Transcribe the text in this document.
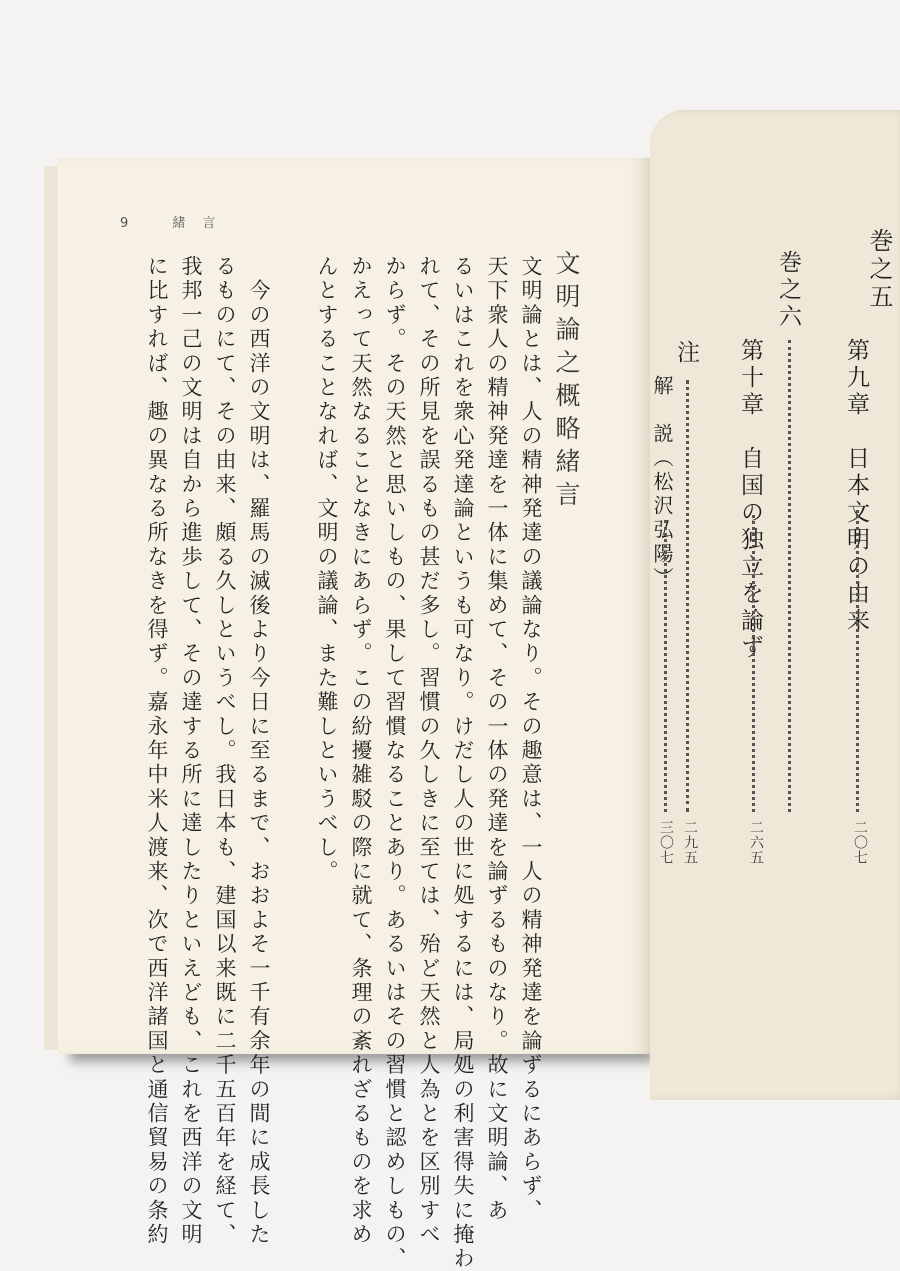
9	緒　言
文明論之概略緒言
文明論とは、人の精神発達の議論なり。その趣意は、一人の精神発達を論ずるにあらず、
天下衆人の精神発達を一体に集めて、その一体の発達を論ずるものなり。故に文明論、あ
るいはこれを衆心発達論というも可なり。けだし人の世に処するには、局処の利害得失に掩わ
れて、その所見を誤るもの甚だ多し。習慣の久しきに至ては、殆ど天然と人為とを区別すべ
からず。その天然と思いしもの、果して習慣なることあり。あるいはその習慣と認めしもの、
かえって天然なることなきにあらず。この紛擾雑駁の際に就て、条理の紊れざるものを求め
んとすることなれば、文明の議論、また難しというべし。
　今の西洋の文明は、羅馬の滅後より今日に至るまで、おおよそ一千有余年の間に成長した
るものにて、その由来、頗る久しというべし。我日本も、建国以来既に二千五百年を経て、
我邦一己の文明は自から進歩して、その達する所に達したりといえども、これを西洋の文明
に比すれば、趣の異なる所なきを得ず。嘉永年中米人渡来、次で西洋諸国と通信貿易の条約	巻之五
第九章　日本文明の由来
二〇七
巻之六
第十章　自国の独立を論ず
二六五
注
二九五
解　説（松沢弘陽）
三〇七
